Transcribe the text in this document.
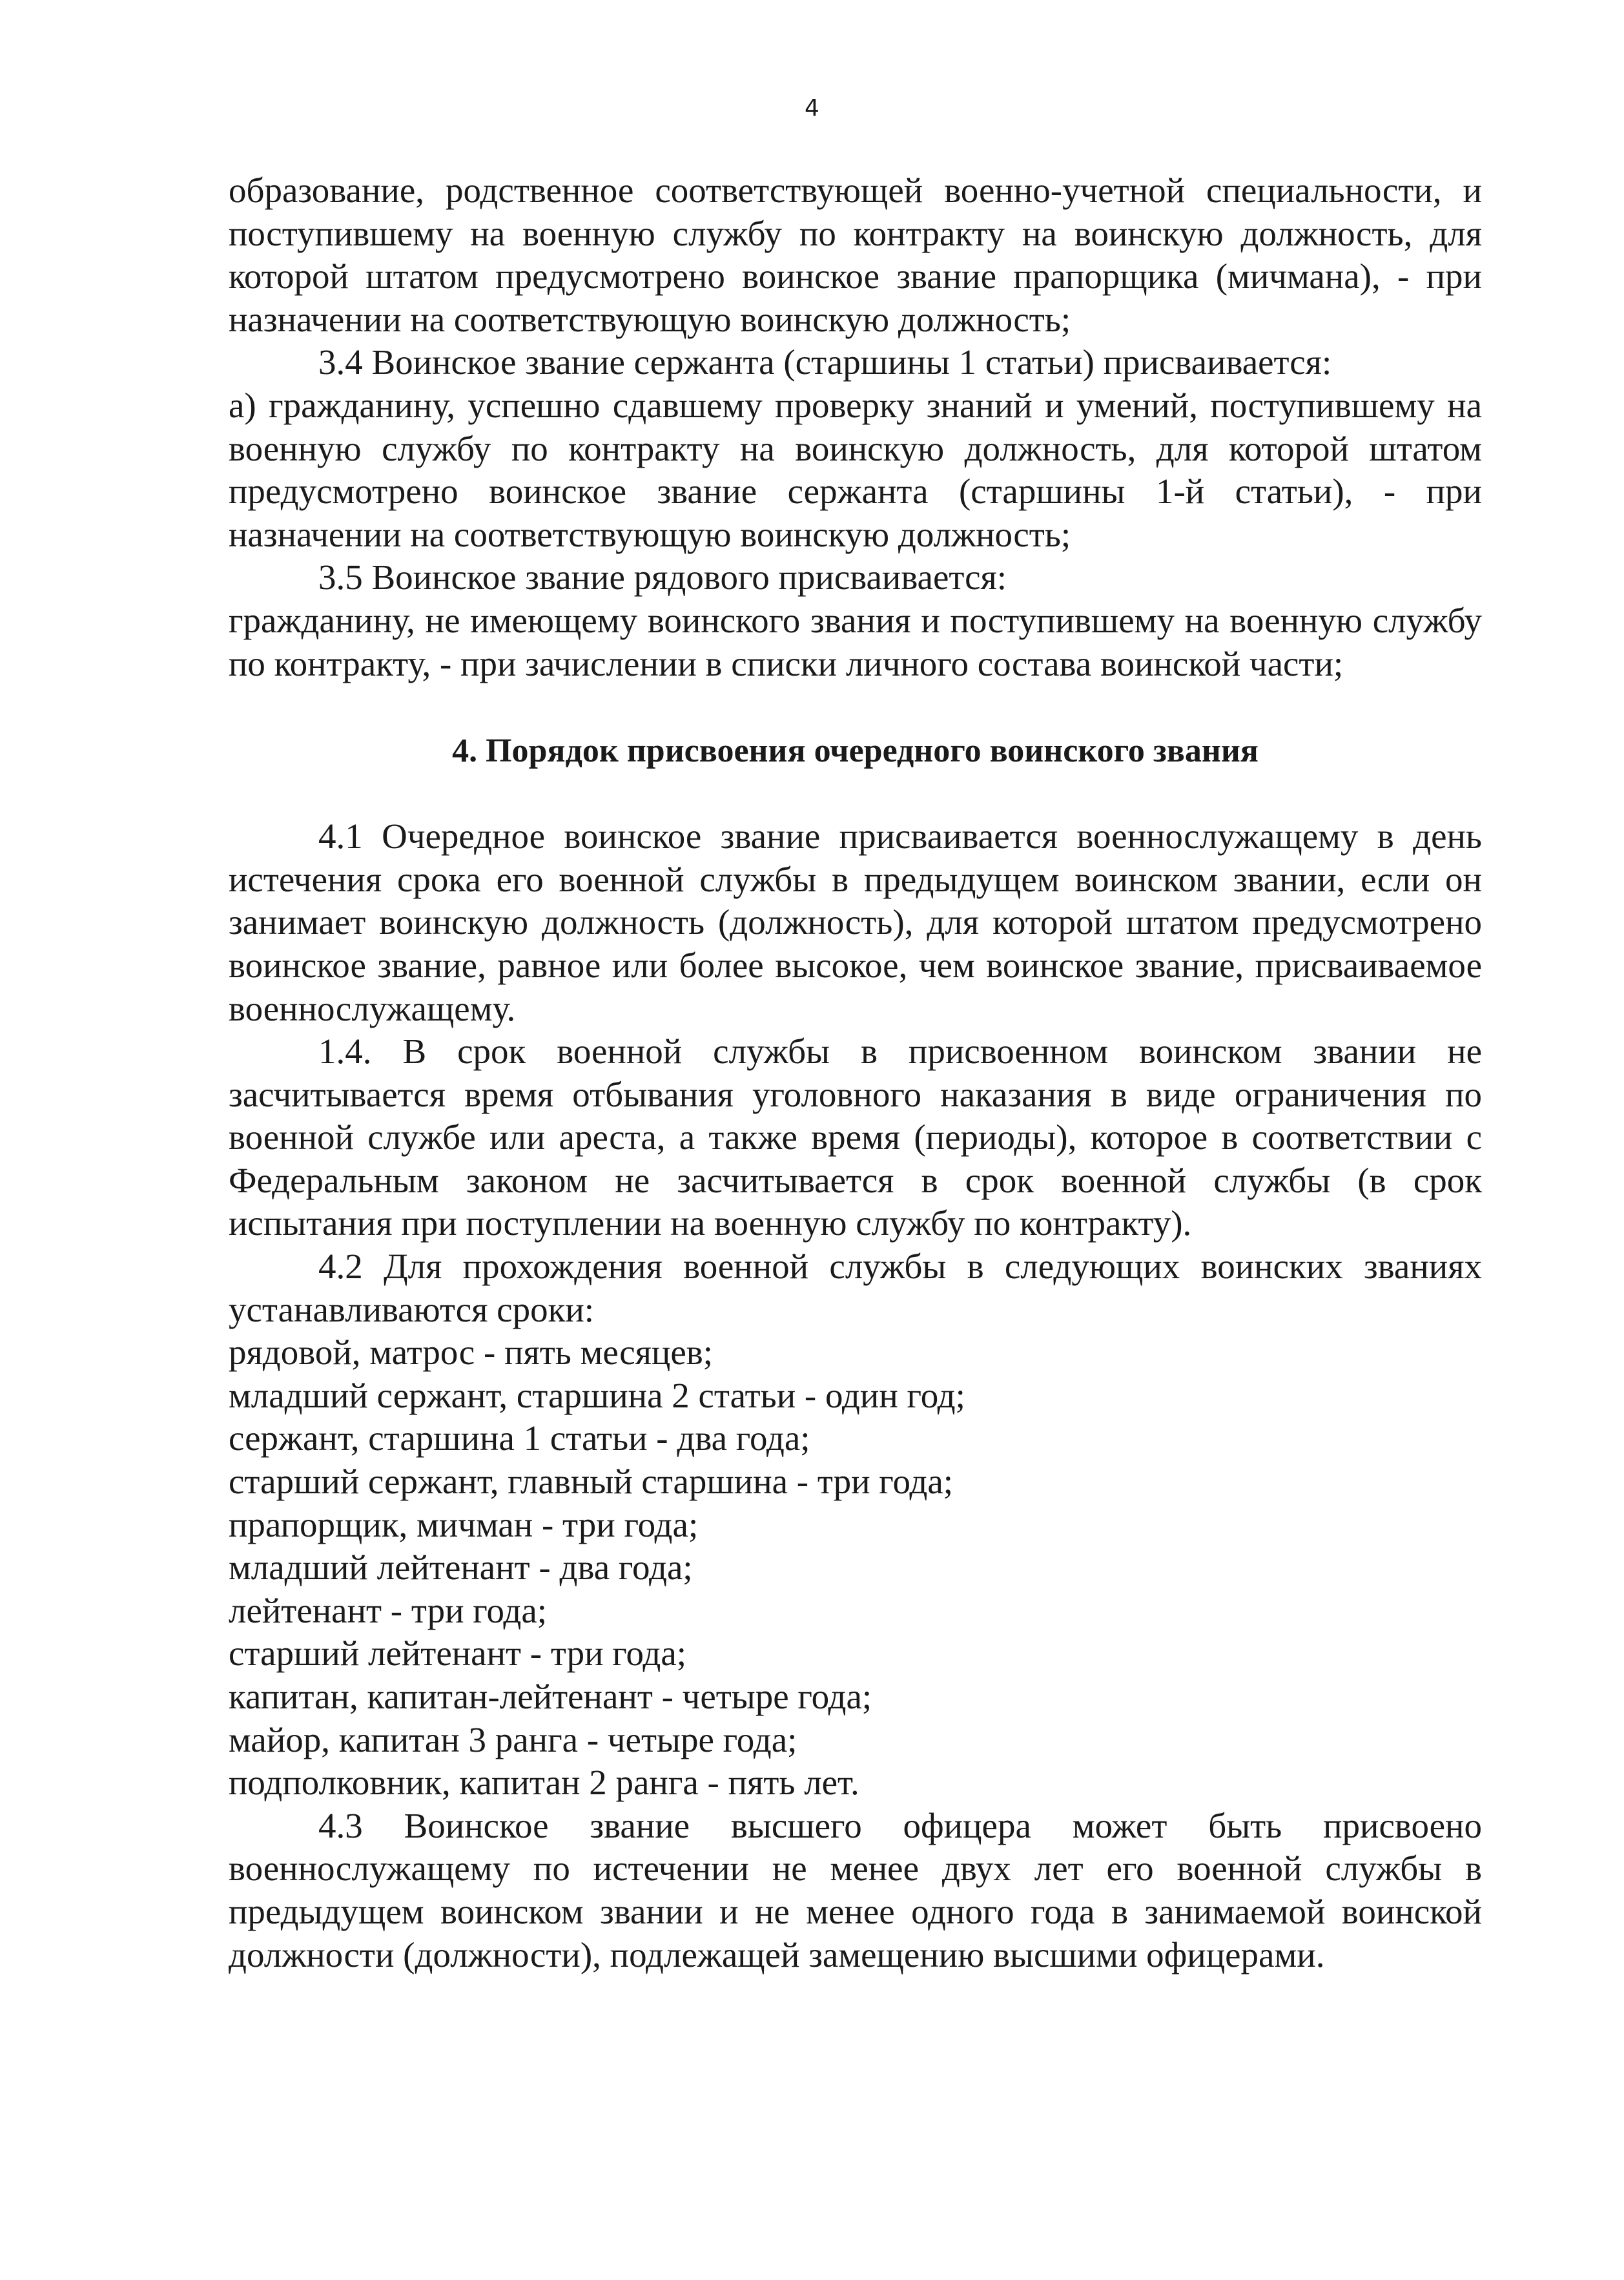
4

образование, родственное соответствующей военно-учетной специальности, и поступившему на военную службу по контракту на воинскую должность, для которой штатом предусмотрено воинское звание прапорщика (мичмана), - при назначении на соответствующую воинскую должность;

3.4 Воинское звание сержанта (старшины 1 статьи) присваивается:

а) гражданину, успешно сдавшему проверку знаний и умений, поступившему на военную службу по контракту на воинскую должность, для которой штатом предусмотрено воинское звание сержанта (старшины 1-й статьи), - при назначении на соответствующую воинскую должность;

3.5 Воинское звание рядового присваивается:

гражданину, не имеющему воинского звания и поступившему на военную службу по контракту, - при зачислении в списки личного состава воинской части;

4. Порядок присвоения очередного воинского звания

4.1 Очередное воинское звание присваивается военнослужащему в день истечения срока его военной службы в предыдущем воинском звании, если он занимает воинскую должность (должность), для которой штатом предусмотрено воинское звание, равное или более высокое, чем воинское звание, присваиваемое военнослужащему.

1.4. В срок военной службы в присвоенном воинском звании не засчитывается время отбывания уголовного наказания в виде ограничения по военной службе или ареста, а также время (периоды), которое в соответствии с Федеральным законом не засчитывается в срок военной службы (в срок испытания при поступлении на военную службу по контракту).

4.2 Для прохождения военной службы в следующих воинских званиях устанавливаются сроки:

рядовой, матрос - пять месяцев;

младший сержант, старшина 2 статьи - один год;

сержант, старшина 1 статьи - два года;

старший сержант, главный старшина - три года;

прапорщик, мичман - три года;

младший лейтенант - два года;

лейтенант - три года;

старший лейтенант - три года;

капитан, капитан-лейтенант - четыре года;

майор, капитан 3 ранга - четыре года;

подполковник, капитан 2 ранга - пять лет.

4.3 Воинское звание высшего офицера может быть присвоено военнослужащему по истечении не менее двух лет его военной службы в предыдущем воинском звании и не менее одного года в занимаемой воинской должности (должности), подлежащей замещению высшими офицерами.
